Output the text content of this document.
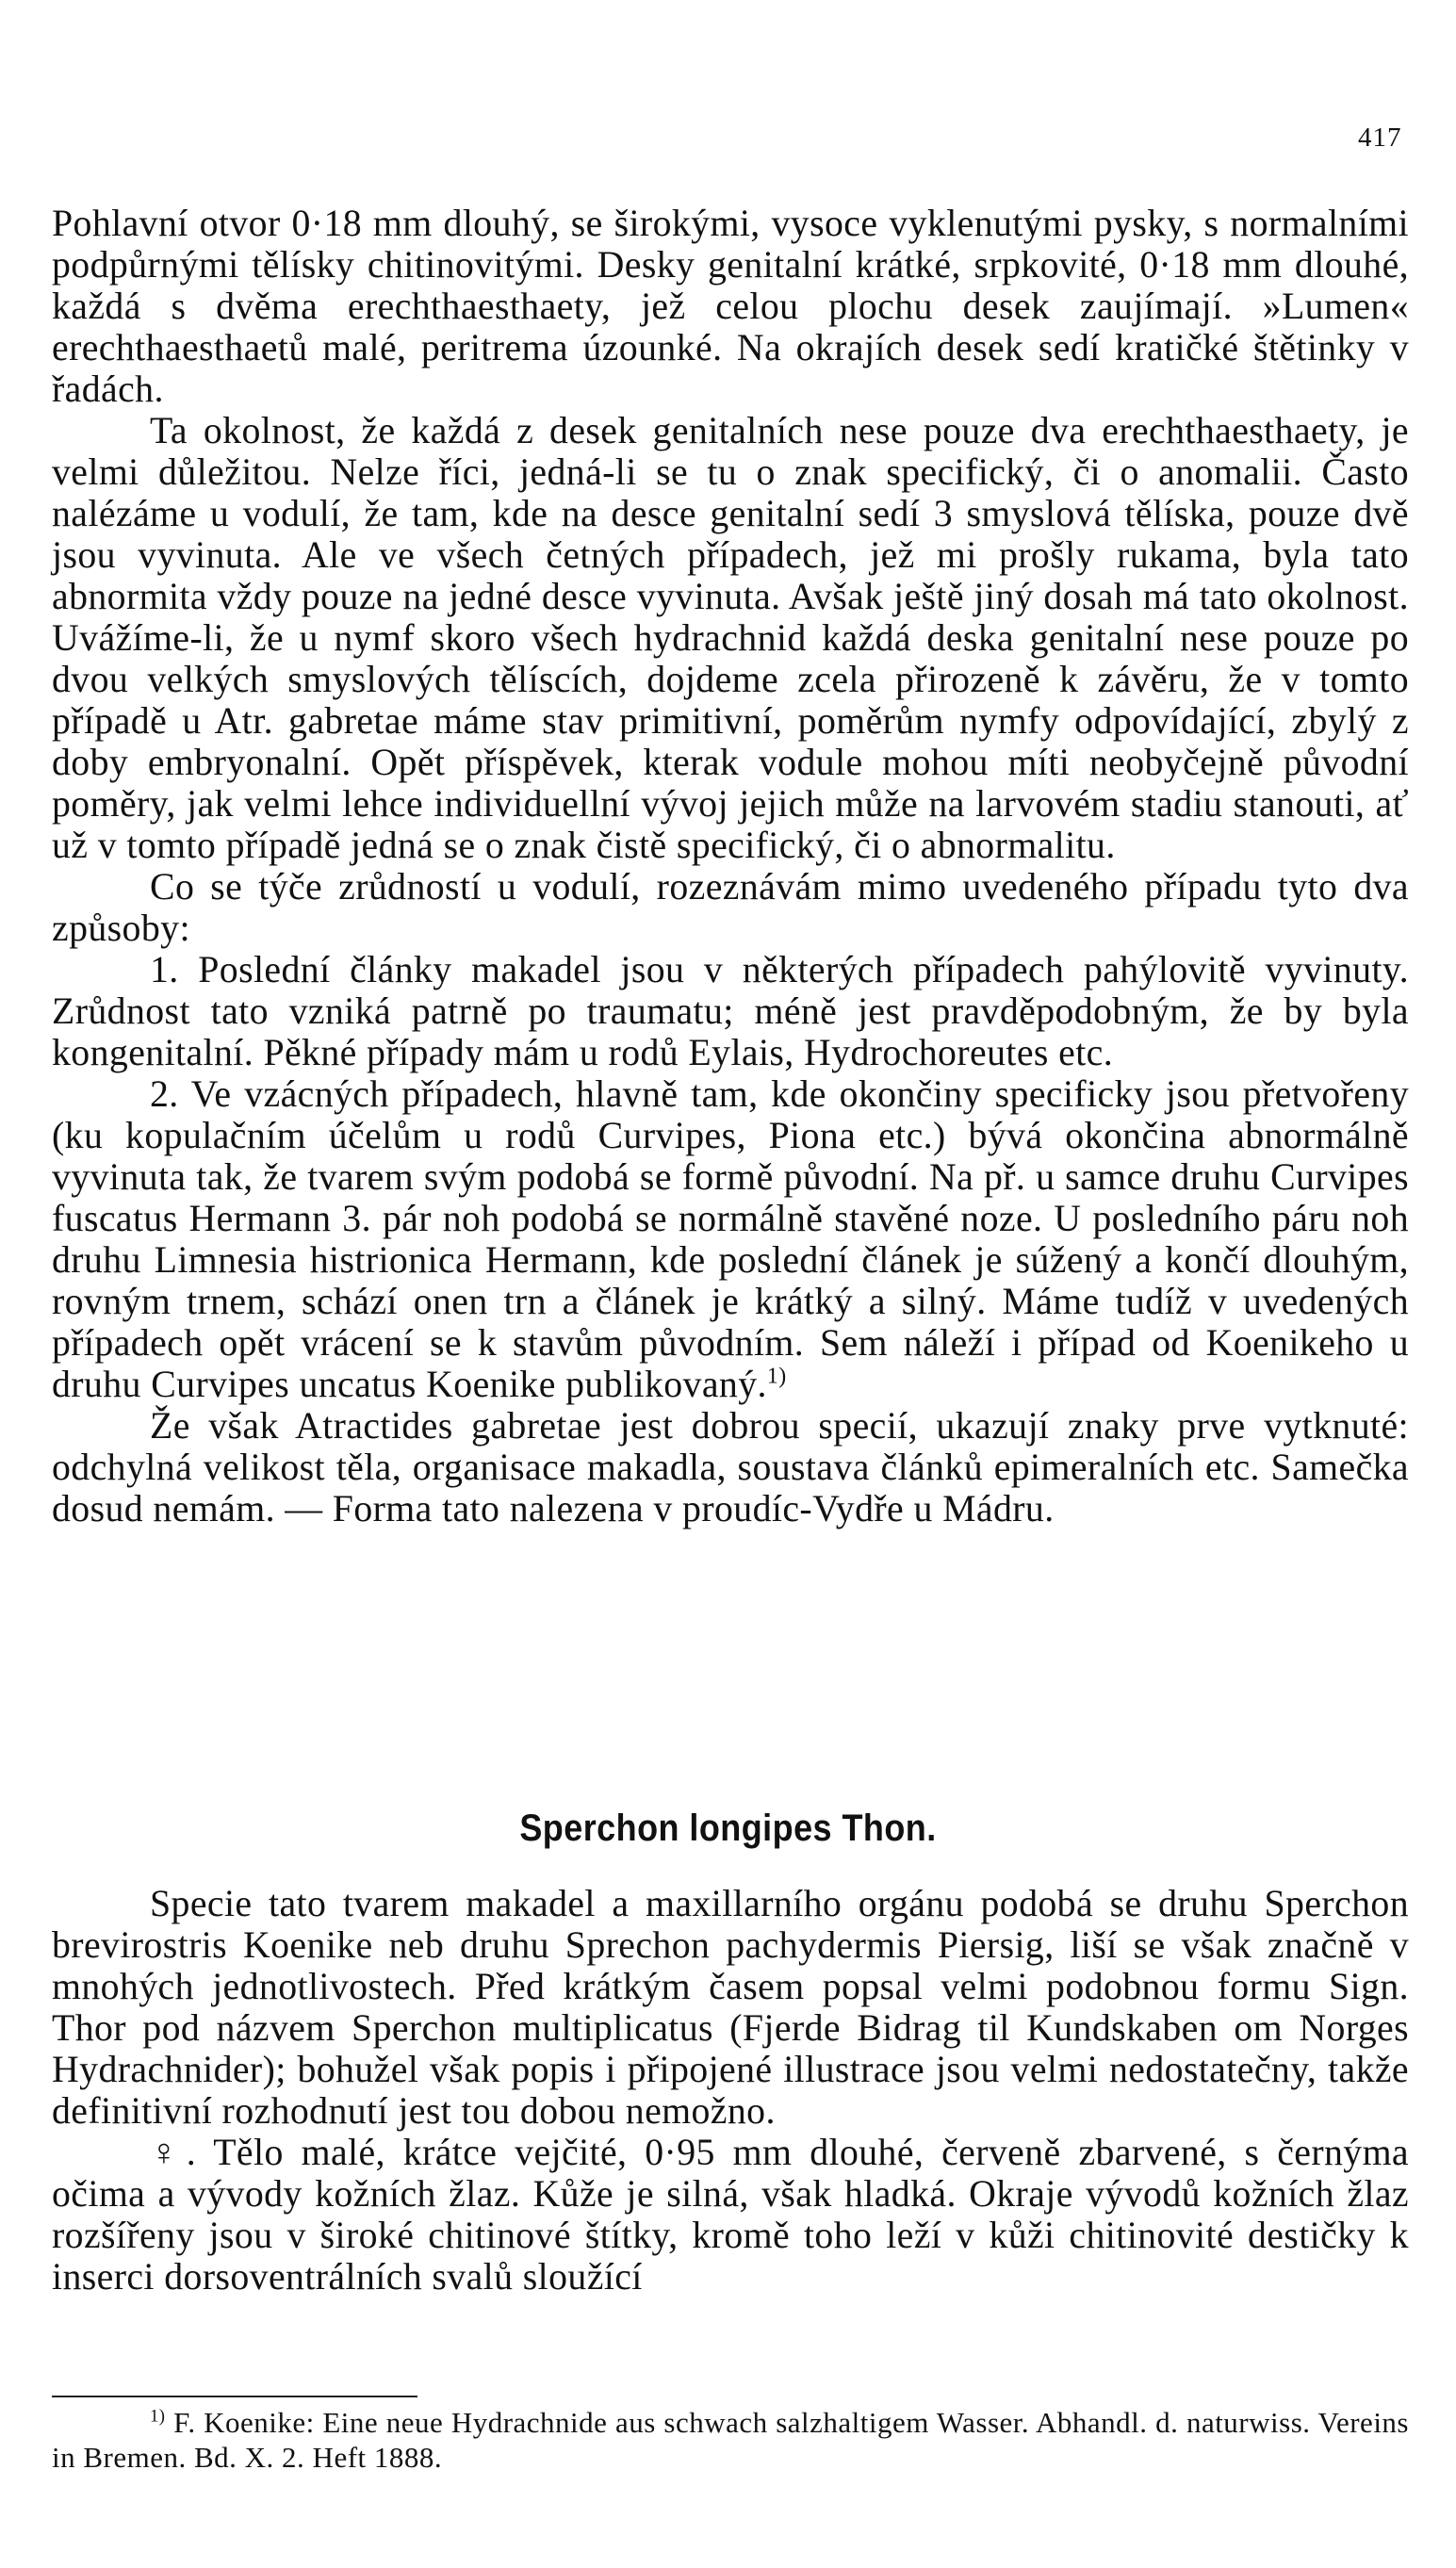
417

Pohlavní otvor 0·18 mm dlouhý, se širokými, vysoce vyklenutými pysky, s normalními podpůrnými tělísky chitinovitými. Desky genitalní krátké, srpkovité, 0·18 mm dlouhé, každá s dvěma erechthaesthaety, jež celou plochu desek zaujímají. »Lumen« erechthaesthaetů malé, peritrema úzounké. Na okrajích desek sedí kratičké štětinky v řadách.

Ta okolnost, že každá z desek genitalních nese pouze dva erechthaesthaety, je velmi důležitou. Nelze říci, jedná-li se tu o znak specifický, či o anomalii. Často nalézáme u vodulí, že tam, kde na desce genitalní sedí 3 smyslová tělíska, pouze dvě jsou vyvinuta. Ale ve všech četných případech, jež mi prošly rukama, byla tato abnormita vždy pouze na jedné desce vyvinuta. Avšak ještě jiný dosah má tato okolnost. Uvážíme-li, že u nymf skoro všech hydrachnid každá deska genitalní nese pouze po dvou velkých smyslových tělíscích, dojdeme zcela přirozeně k závěru, že v tomto případě u Atr. gabretae máme stav primitivní, poměrům nymfy odpovídající, zbylý z doby embryonalní. Opět příspěvek, kterak vodule mohou míti neobyčejně původní poměry, jak velmi lehce individuellní vývoj jejich může na larvovém stadiu stanouti, ať už v tomto případě jedná se o znak čistě specifický, či o abnormalitu.

Co se týče zrůdností u vodulí, rozeznávám mimo uvedeného případu tyto dva způsoby:

1. Poslední články makadel jsou v některých případech pahýlovitě vyvinuty. Zrůdnost tato vzniká patrně po traumatu; méně jest pravděpodobným, že by byla kongenitalní. Pěkné případy mám u rodů Eylais, Hydrochoreutes etc.

2. Ve vzácných případech, hlavně tam, kde okončiny specificky jsou přetvořeny (ku kopulačním účelům u rodů Curvipes, Piona etc.) bývá okončina abnormálně vyvinuta tak, že tvarem svým podobá se formě původní. Na př. u samce druhu Curvipes fuscatus Hermann 3. pár noh podobá se normálně stavěné noze. U posledního páru noh druhu Limnesia histrionica Hermann, kde poslední článek je súžený a končí dlouhým, rovným trnem, schází onen trn a článek je krátký a silný. Máme tudíž v uvedených případech opět vrácení se k stavům původním. Sem náleží i případ od Koenikeho u druhu Curvipes uncatus Koenike publikovaný.$^{1)}$

Že však Atractides gabretae jest dobrou specií, ukazují znaky prve vytknuté: odchylná velikost těla, organisace makadla, soustava článků epimeralních etc. Samečka dosud nemám. — Forma tato nalezena v proudíc-Vydře u Mádru.

Sperchon longipes Thon.

Specie tato tvarem makadel a maxillarního orgánu podobá se druhu Sperchon brevirostris Koenike neb druhu Sprechon pachydermis Piersig, liší se však značně v mnohých jednotlivostech. Před krátkým časem popsal velmi podobnou formu Sign. Thor pod názvem Sperchon multiplicatus (Fjerde Bidrag til Kundskaben om Norges Hydrachnider); bohužel však popis i připojené illustrace jsou velmi nedostatečny, takže definitivní rozhodnutí jest tou dobou nemožno.

♀. Tělo malé, krátce vejčité, 0·95 mm dlouhé, červeně zbarvené, s černýma očima a vývody kožních žlaz. Kůže je silná, však hladká. Okraje vývodů kožních žlaz rozšířeny jsou v široké chitinové štítky, kromě toho leží v kůži chitinovité destičky k inserci dorsoventrálních svalů sloužící

$^{1)}$ F. Koenike: Eine neue Hydrachnide aus schwach salzhaltigem Wasser. Abhandl. d. naturwiss. Vereins in Bremen. Bd. X. 2. Heft 1888.
